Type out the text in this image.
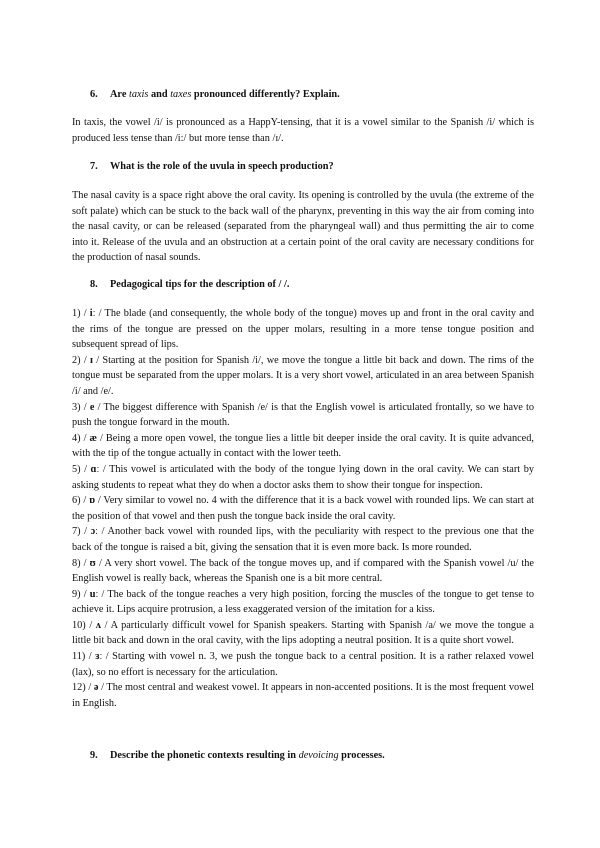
6. Are taxis and taxes pronounced differently? Explain.
In taxis, the vowel /i/ is pronounced as a HappY-tensing, that it is a vowel similar to the Spanish /i/ which is produced less tense than /i:/ but more tense than /ɪ/.
7. What is the role of the uvula in speech production?
The nasal cavity is a space right above the oral cavity. Its opening is controlled by the uvula (the extreme of the soft palate) which can be stuck to the back wall of the pharynx, preventing in this way the air from coming into the nasal cavity, or can be released (separated from the pharyngeal wall) and thus permitting the air to come into it. Release of the uvula and an obstruction at a certain point of the oral cavity are necessary conditions for the production of nasal sounds.
8. Pedagogical tips for the description of / /.

1) / iː / The blade (and consequently, the whole body of the tongue) moves up and front in the oral cavity and the rims of the tongue are pressed on the upper molars, resulting in a more tense tongue position and subsequent spread of lips.

2) / ɪ / Starting at the position for Spanish /i/, we move the tongue a little bit back and down. The rims of the tongue must be separated from the upper molars. It is a very short vowel, articulated in an area between Spanish /i/ and /e/.

3) / e / The biggest difference with Spanish /e/ is that the English vowel is articulated frontally, so we have to push the tongue forward in the mouth.

4) / æ / Being a more open vowel, the tongue lies a little bit deeper inside the oral cavity. It is quite advanced, with the tip of the tongue actually in contact with the lower teeth.

5) / ɑː / This vowel is articulated with the body of the tongue lying down in the oral cavity. We can start by asking students to repeat what they do when a doctor asks them to show their tongue for inspection.

6) / ɒ / Very similar to vowel no. 4 with the difference that it is a back vowel with rounded lips. We can start at the position of that vowel and then push the tongue back inside the oral cavity.

7) / ɔː / Another back vowel with rounded lips, with the peculiarity with respect to the previous one that the back of the tongue is raised a bit, giving the sensation that it is even more back. Is more rounded.

8) / ʊ / A very short vowel. The back of the tongue moves up, and if compared with the Spanish vowel /u/ the English vowel is really back, whereas the Spanish one is a bit more central.

9) / uː / The back of the tongue reaches a very high position, forcing the muscles of the tongue to get tense to achieve it. Lips acquire protrusion, a less exaggerated version of the imitation for a kiss.

10) / ʌ / A particularly difficult vowel for Spanish speakers. Starting with Spanish /a/ we move the tongue a little bit back and down in the oral cavity, with the lips adopting a neutral position. It is a quite short vowel.

11) / ɜː / Starting with vowel n. 3, we push the tongue back to a central position. It is a rather relaxed vowel (lax), so no effort is necessary for the articulation.

12) / ə / The most central and weakest vowel. It appears in non-accented positions. It is the most frequent vowel in English.

9. Describe the phonetic contexts resulting in devoicing processes.
